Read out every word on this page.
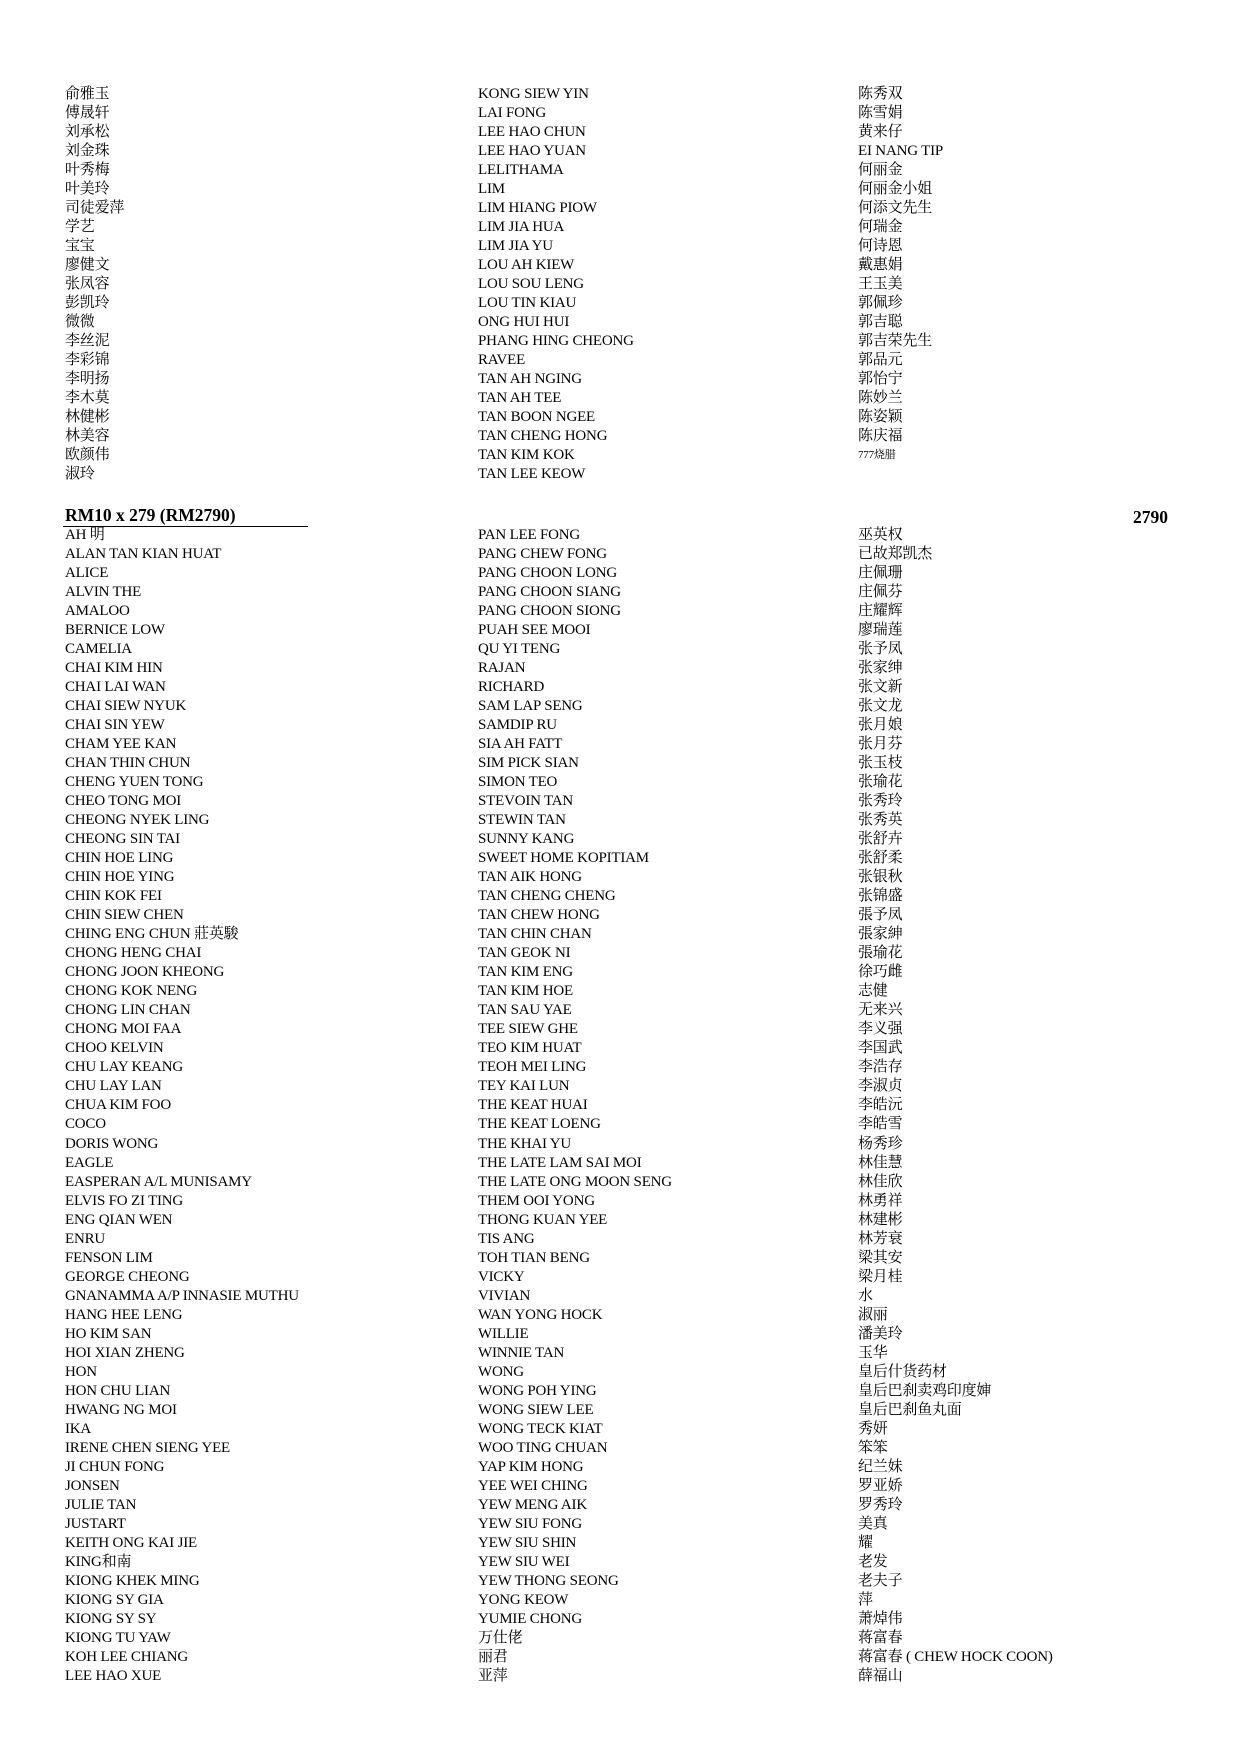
俞雅玉
傅晟轩
刘承松
刘金珠
叶秀梅
叶美玲
司徒爱萍
学艺
宝宝
廖健文
张凤容
彭凯玲
微微
李丝泥
李彩锦
李明扬
李木莫
林健彬
林美容
欧颜伟
淑玲
KONG SIEW YIN
LAI FONG
LEE HAO CHUN
LEE HAO YUAN
LELITHAMA
LIM
LIM HIANG PIOW
LIM JIA HUA
LIM JIA YU
LOU AH KIEW
LOU SOU LENG
LOU TIN KIAU
ONG HUI HUI
PHANG HING CHEONG
RAVEE
TAN AH NGING
TAN AH TEE
TAN BOON NGEE
TAN CHENG HONG
TAN KIM KOK
TAN LEE KEOW
陈秀双
陈雪娟
黄来仔
EI NANG TIP
何丽金
何丽金小姐
何添文先生
何瑞金
何诗恩
戴惠娟
王玉美
郭佩珍
郭吉聪
郭吉荣先生
郭品元
郭怡宁
陈妙兰
陈姿颖
陈庆福
777烧腊
RM10 x 279 (RM2790)	2790
AH 明
ALAN TAN KIAN HUAT
ALICE
ALVIN THE
AMALOO
BERNICE LOW
CAMELIA
CHAI KIM HIN
CHAI LAI WAN
CHAI SIEW NYUK
CHAI SIN YEW
CHAM YEE KAN
CHAN THIN CHUN
CHENG YUEN TONG
CHEO TONG MOI
CHEONG NYEK LING
CHEONG SIN TAI
CHIN HOE LING
CHIN HOE YING
CHIN KOK FEI
CHIN SIEW CHEN
CHING ENG CHUN 莊英駿
CHONG HENG CHAI
CHONG JOON KHEONG
CHONG KOK NENG
CHONG LIN CHAN
CHONG MOI FAA
CHOO KELVIN
CHU LAY KEANG
CHU LAY LAN
CHUA KIM FOO
COCO
DORIS WONG
EAGLE
EASPERAN A/L MUNISAMY
ELVIS FO ZI TING
ENG QIAN WEN
ENRU
FENSON LIM
GEORGE CHEONG
GNANAMMA A/P INNASIE MUTHU
HANG HEE LENG
HO KIM SAN
HOI XIAN ZHENG
HON
HON CHU LIAN
HWANG NG MOI
IKA
IRENE CHEN SIENG YEE
JI CHUN FONG
JONSEN
JULIE TAN
JUSTART
KEITH ONG KAI JIE
KING和南
KIONG KHEK MING
KIONG SY GIA
KIONG SY SY
KIONG TU YAW
KOH LEE CHIANG
LEE HAO XUE
PAN LEE FONG
PANG CHEW FONG
PANG CHOON LONG
PANG CHOON SIANG
PANG CHOON SIONG
PUAH SEE MOOI
QU YI TENG
RAJAN
RICHARD
SAM LAP SENG
SAMDIP RU
SIA AH FATT
SIM PICK SIAN
SIMON TEO
STEVOIN TAN
STEWIN TAN
SUNNY KANG
SWEET HOME KOPITIAM
TAN AIK HONG
TAN CHENG CHENG
TAN CHEW HONG
TAN CHIN CHAN
TAN GEOK NI
TAN KIM ENG
TAN KIM HOE
TAN SAU YAE
TEE SIEW GHE
TEO KIM HUAT
TEOH MEI LING
TEY KAI LUN
THE KEAT HUAI
THE KEAT LOENG
THE KHAI YU
THE LATE LAM SAI MOI
THE LATE ONG MOON SENG
THEM OOI YONG
THONG KUAN YEE
TIS ANG
TOH TIAN BENG
VICKY
VIVIAN
WAN YONG HOCK
WILLIE
WINNIE TAN
WONG
WONG POH YING
WONG SIEW LEE
WONG TECK KIAT
WOO TING CHUAN
YAP KIM HONG
YEE WEI CHING
YEW MENG AIK
YEW SIU FONG
YEW SIU SHIN
YEW SIU WEI
YEW THONG SEONG
YONG KEOW
YUMIE CHONG
万仕佬
丽君
亚萍
巫英权
已故郑凯杰
庄佩珊
庄佩芬
庄耀辉
廖瑞莲
张予凤
张家绅
张文新
张文龙
张月娘
张月芬
张玉枝
张瑜花
张秀玲
张秀英
张舒卉
张舒柔
张银秋
张锦盛
張予凤
張家紳
張瑜花
徐巧雌
志健
无来兴
李义强
李国武
李浩存
李淑贞
李皓沅
李皓雪
杨秀珍
林佳慧
林佳欣
林勇祥
林建彬
林芳衰
梁其安
梁月桂
水
淑丽
潘美玲
玉华
皇后什货药材
皇后巴刹卖鸡印度婶
皇后巴刹鱼丸面
秀妍
笨笨
纪兰妹
罗亚娇
罗秀玲
美真
耀
老发
老夫子
萍
萧焯伟
蒋富春
蒋富春 ( CHEW HOCK COON)
薛福山
